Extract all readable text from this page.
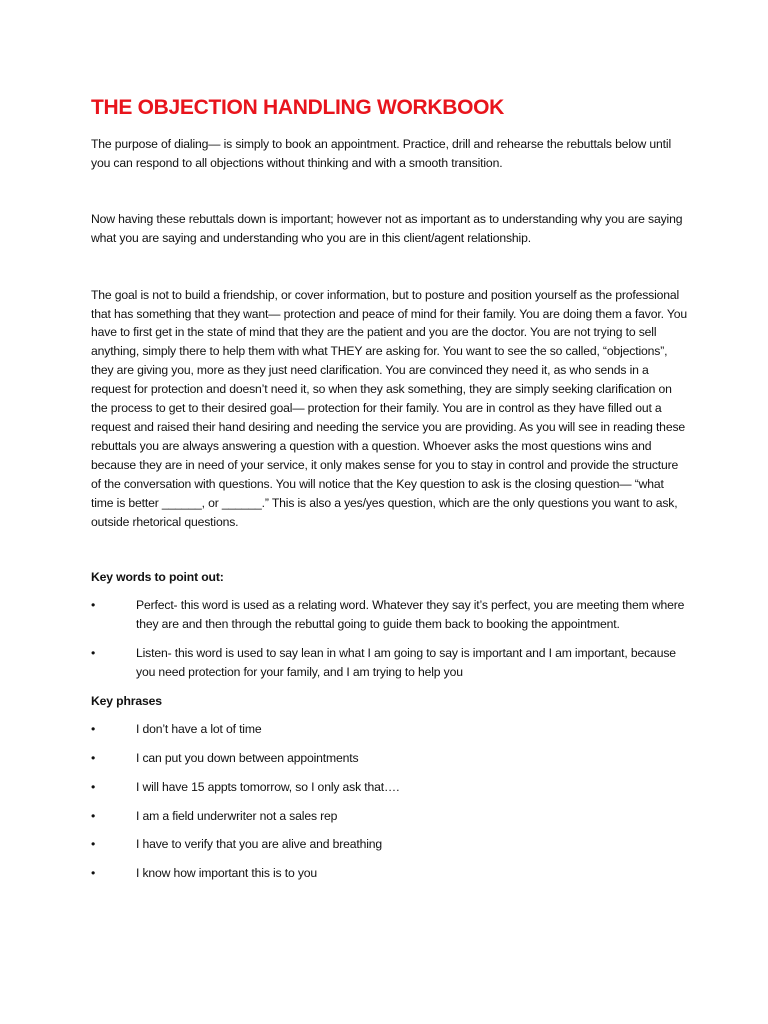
THE OBJECTION HANDLING WORKBOOK

The purpose of dialing— is simply to book an appointment. Practice, drill and rehearse the rebuttals below until you can respond to all objections without thinking and with a smooth transition.

Now having these rebuttals down is important; however not as important as to understanding why you are saying what you are saying and understanding who you are in this client/agent relationship.

The goal is not to build a friendship, or cover information, but to posture and position yourself as the professional that has something that they want— protection and peace of mind for their family. You are doing them a favor. You have to first get in the state of mind that they are the patient and you are the doctor. You are not trying to sell anything, simply there to help them with what THEY are asking for. You want to see the so called, “objections”, they are giving you, more as they just need clarification. You are convinced they need it, as who sends in a request for protection and doesn’t need it, so when they ask something, they are simply seeking clarification on the process to get to their desired goal— protection for their family. You are in control as they have filled out a request and raised their hand desiring and needing the service you are providing. As you will see in reading these rebuttals you are always answering a question with a question. Whoever asks the most questions wins and because they are in need of your service, it only makes sense for you to stay in control and provide the structure of the conversation with questions. You will notice that the Key question to ask is the closing question— “what time is better ______, or ______.” This is also a yes/yes question, which are the only questions you want to ask, outside rhetorical questions.

Key words to point out:
•	Perfect- this word is used as a relating word. Whatever they say it’s perfect, you are meeting them where they are and then through the rebuttal going to guide them back to booking the appointment.
•	Listen- this word is used to say lean in what I am going to say is important and I am important, because you need protection for your family, and I am trying to help you
Key phrases
•	I don’t have a lot of time
•	I can put you down between appointments
•	I will have 15 appts tomorrow, so I only ask that….
•	I am a field underwriter not a sales rep
•	I have to verify that you are alive and breathing
•	I know how important this is to you
